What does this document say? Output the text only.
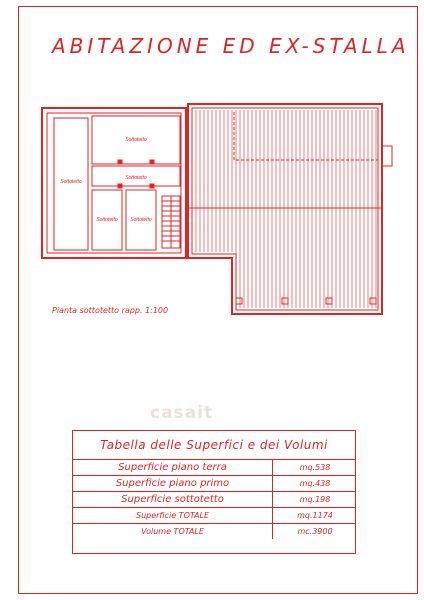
ABITAZIONE ED EX-STALLA
Sottotetto
Sottotetto
Sottotetto
Sottotetto	Sottotetto
Pianta sottotetto rapp. 1:100
casait
Tabella delle Superfici e dei Volumi
Superficie piano terra	mq.538
Superficie piano primo	mq.438
Superficie sottotetto	mq.198
Superficie TOTALE	mq.1174
Volume TOTALE	mc.3900
